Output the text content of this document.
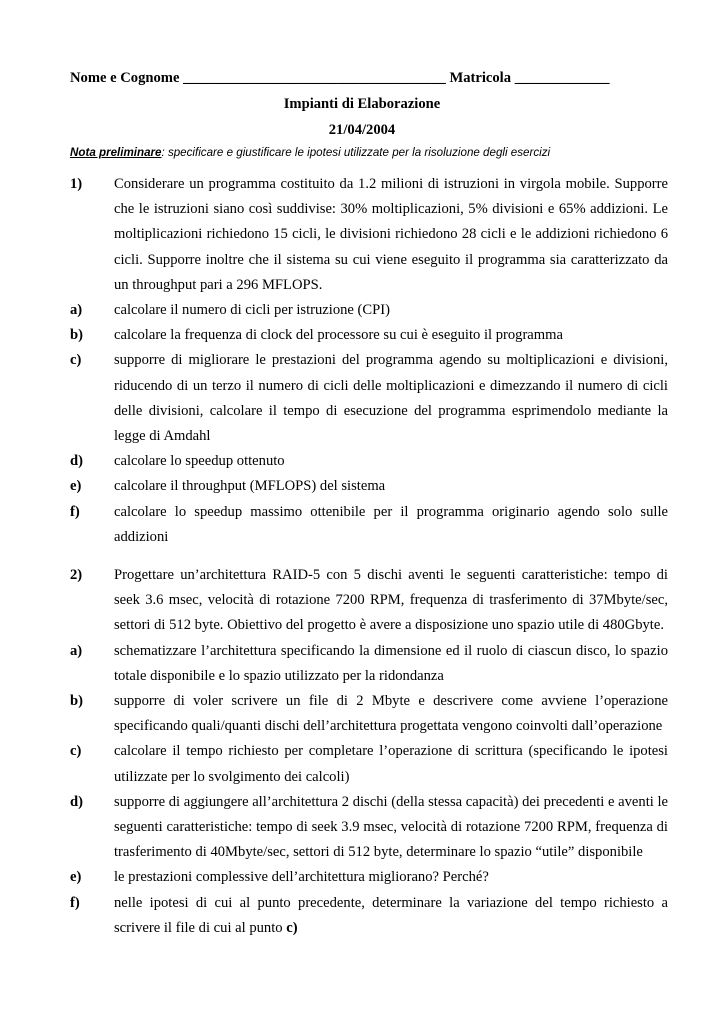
Nome e Cognome ____________________________________ Matricola _____________
Impianti di Elaborazione
21/04/2004
Nota preliminare: specificare e giustificare le ipotesi utilizzate per la risoluzione degli esercizi
1)	Considerare un programma costituito da 1.2 milioni di istruzioni in virgola mobile. Supporre che le istruzioni siano così suddivise: 30% moltiplicazioni, 5% divisioni e 65% addizioni. Le moltiplicazioni richiedono 15 cicli, le divisioni richiedono 28 cicli e le addizioni richiedono 6 cicli. Supporre inoltre che il sistema su cui viene eseguito il programma sia caratterizzato da un throughput pari a 296 MFLOPS.
a)	calcolare il numero di cicli per istruzione (CPI)
b)	calcolare la frequenza di clock del processore su cui è eseguito il programma
c)	supporre di migliorare le prestazioni del programma agendo su moltiplicazioni e divisioni, riducendo di un terzo il numero di cicli delle moltiplicazioni e dimezzando il numero di cicli delle divisioni, calcolare il tempo di esecuzione del programma esprimendolo mediante la legge di Amdahl
d)	calcolare lo speedup ottenuto
e)	calcolare il throughput (MFLOPS) del sistema
f)	calcolare lo speedup massimo ottenibile per il programma originario agendo solo sulle addizioni
2)	Progettare un’architettura RAID-5 con 5 dischi aventi le seguenti caratteristiche: tempo di seek 3.6 msec, velocità di rotazione 7200 RPM, frequenza di trasferimento di 37Mbyte/sec, settori di 512 byte. Obiettivo del progetto è avere a disposizione uno spazio utile di 480Gbyte.
a)	schematizzare l’architettura specificando la dimensione ed il ruolo di ciascun disco, lo spazio totale disponibile e lo spazio utilizzato per la ridondanza
b)	supporre di voler scrivere un file di 2 Mbyte e descrivere come avviene l’operazione specificando quali/quanti dischi dell’architettura progettata vengono coinvolti dall’operazione
c)	calcolare il tempo richiesto per completare l’operazione di scrittura (specificando le ipotesi utilizzate per lo svolgimento dei calcoli)
d)	supporre di aggiungere all’architettura 2 dischi (della stessa capacità) dei precedenti e aventi le seguenti caratteristiche: tempo di seek 3.9 msec, velocità di rotazione 7200 RPM, frequenza di trasferimento di 40Mbyte/sec, settori di 512 byte, determinare lo spazio “utile” disponibile
e)	le prestazioni complessive dell’architettura migliorano? Perché?
f)	nelle ipotesi di cui al punto precedente, determinare la variazione del tempo richiesto a scrivere il file di cui al punto c)
